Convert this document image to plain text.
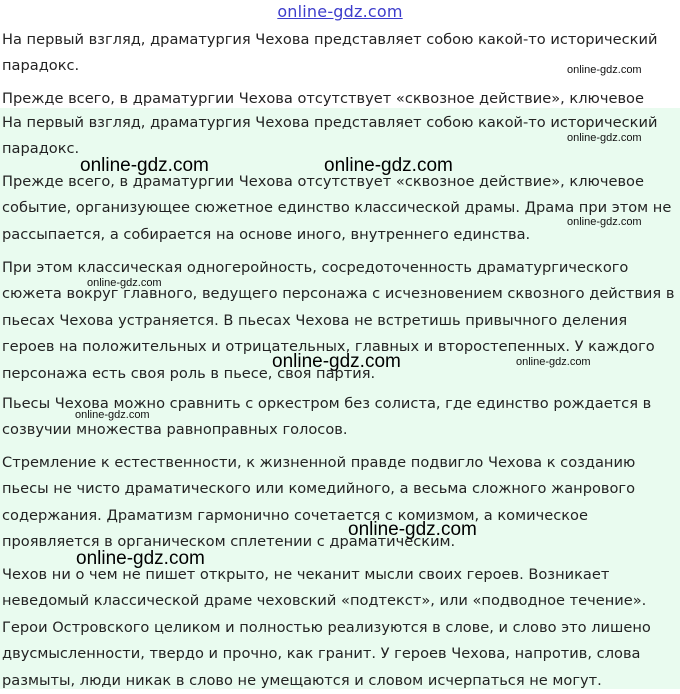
online-gdz.com

На первый взгляд, драматургия Чехова представляет собою какой-то исторический парадокс.

Прежде всего, в драматургии Чехова отсутствует «сквозное действие», ключевое

На первый взгляд, драматургия Чехова представляет собою какой-то исторический парадокс.

Прежде всего, в драматургии Чехова отсутствует «сквозное действие», ключевое событие, организующее сюжетное единство классической драмы. Драма при этом не рассыпается, а собирается на основе иного, внутреннего единства.

При этом классическая одногеройность, сосредоточенность драматургического сюжета вокруг главного, ведущего персонажа с исчезновением сквозного действия в пьесах Чехова устраняется. В пьесах Чехова не встретишь привычного деления героев на положительных и отрицательных, главных и второстепенных. У каждого персонажа есть своя роль в пьесе, своя партия.

Пьесы Чехова можно сравнить с оркестром без солиста, где единство рождается в созвучии множества равноправных голосов.

Стремление к естественности, к жизненной правде подвигло Чехова к созданию пьесы не чисто драматического или комедийного, а весьма сложного жанрового содержания. Драматизм гармонично сочетается с комизмом, а комическое проявляется в органическом сплетении с драматическим.

Чехов ни о чем не пишет открыто, не чеканит мысли своих героев. Возникает неведомый классической драме чеховский «подтекст», или «подводное течение». Герои Островского целиком и полностью реализуются в слове, и слово это лишено двусмысленности, твердо и прочно, как гранит. У героев Чехова, напротив, слова размыты, люди никак в слово не умещаются и словом исчерпаться не могут.

online-gdz.com
online-gdz.com
online-gdz.com
online-gdz.com
online-gdz.com
online-gdz.com
online-gdz.com	online-gdz.com
online-gdz.com
online-gdz.com
online-gdz.com
